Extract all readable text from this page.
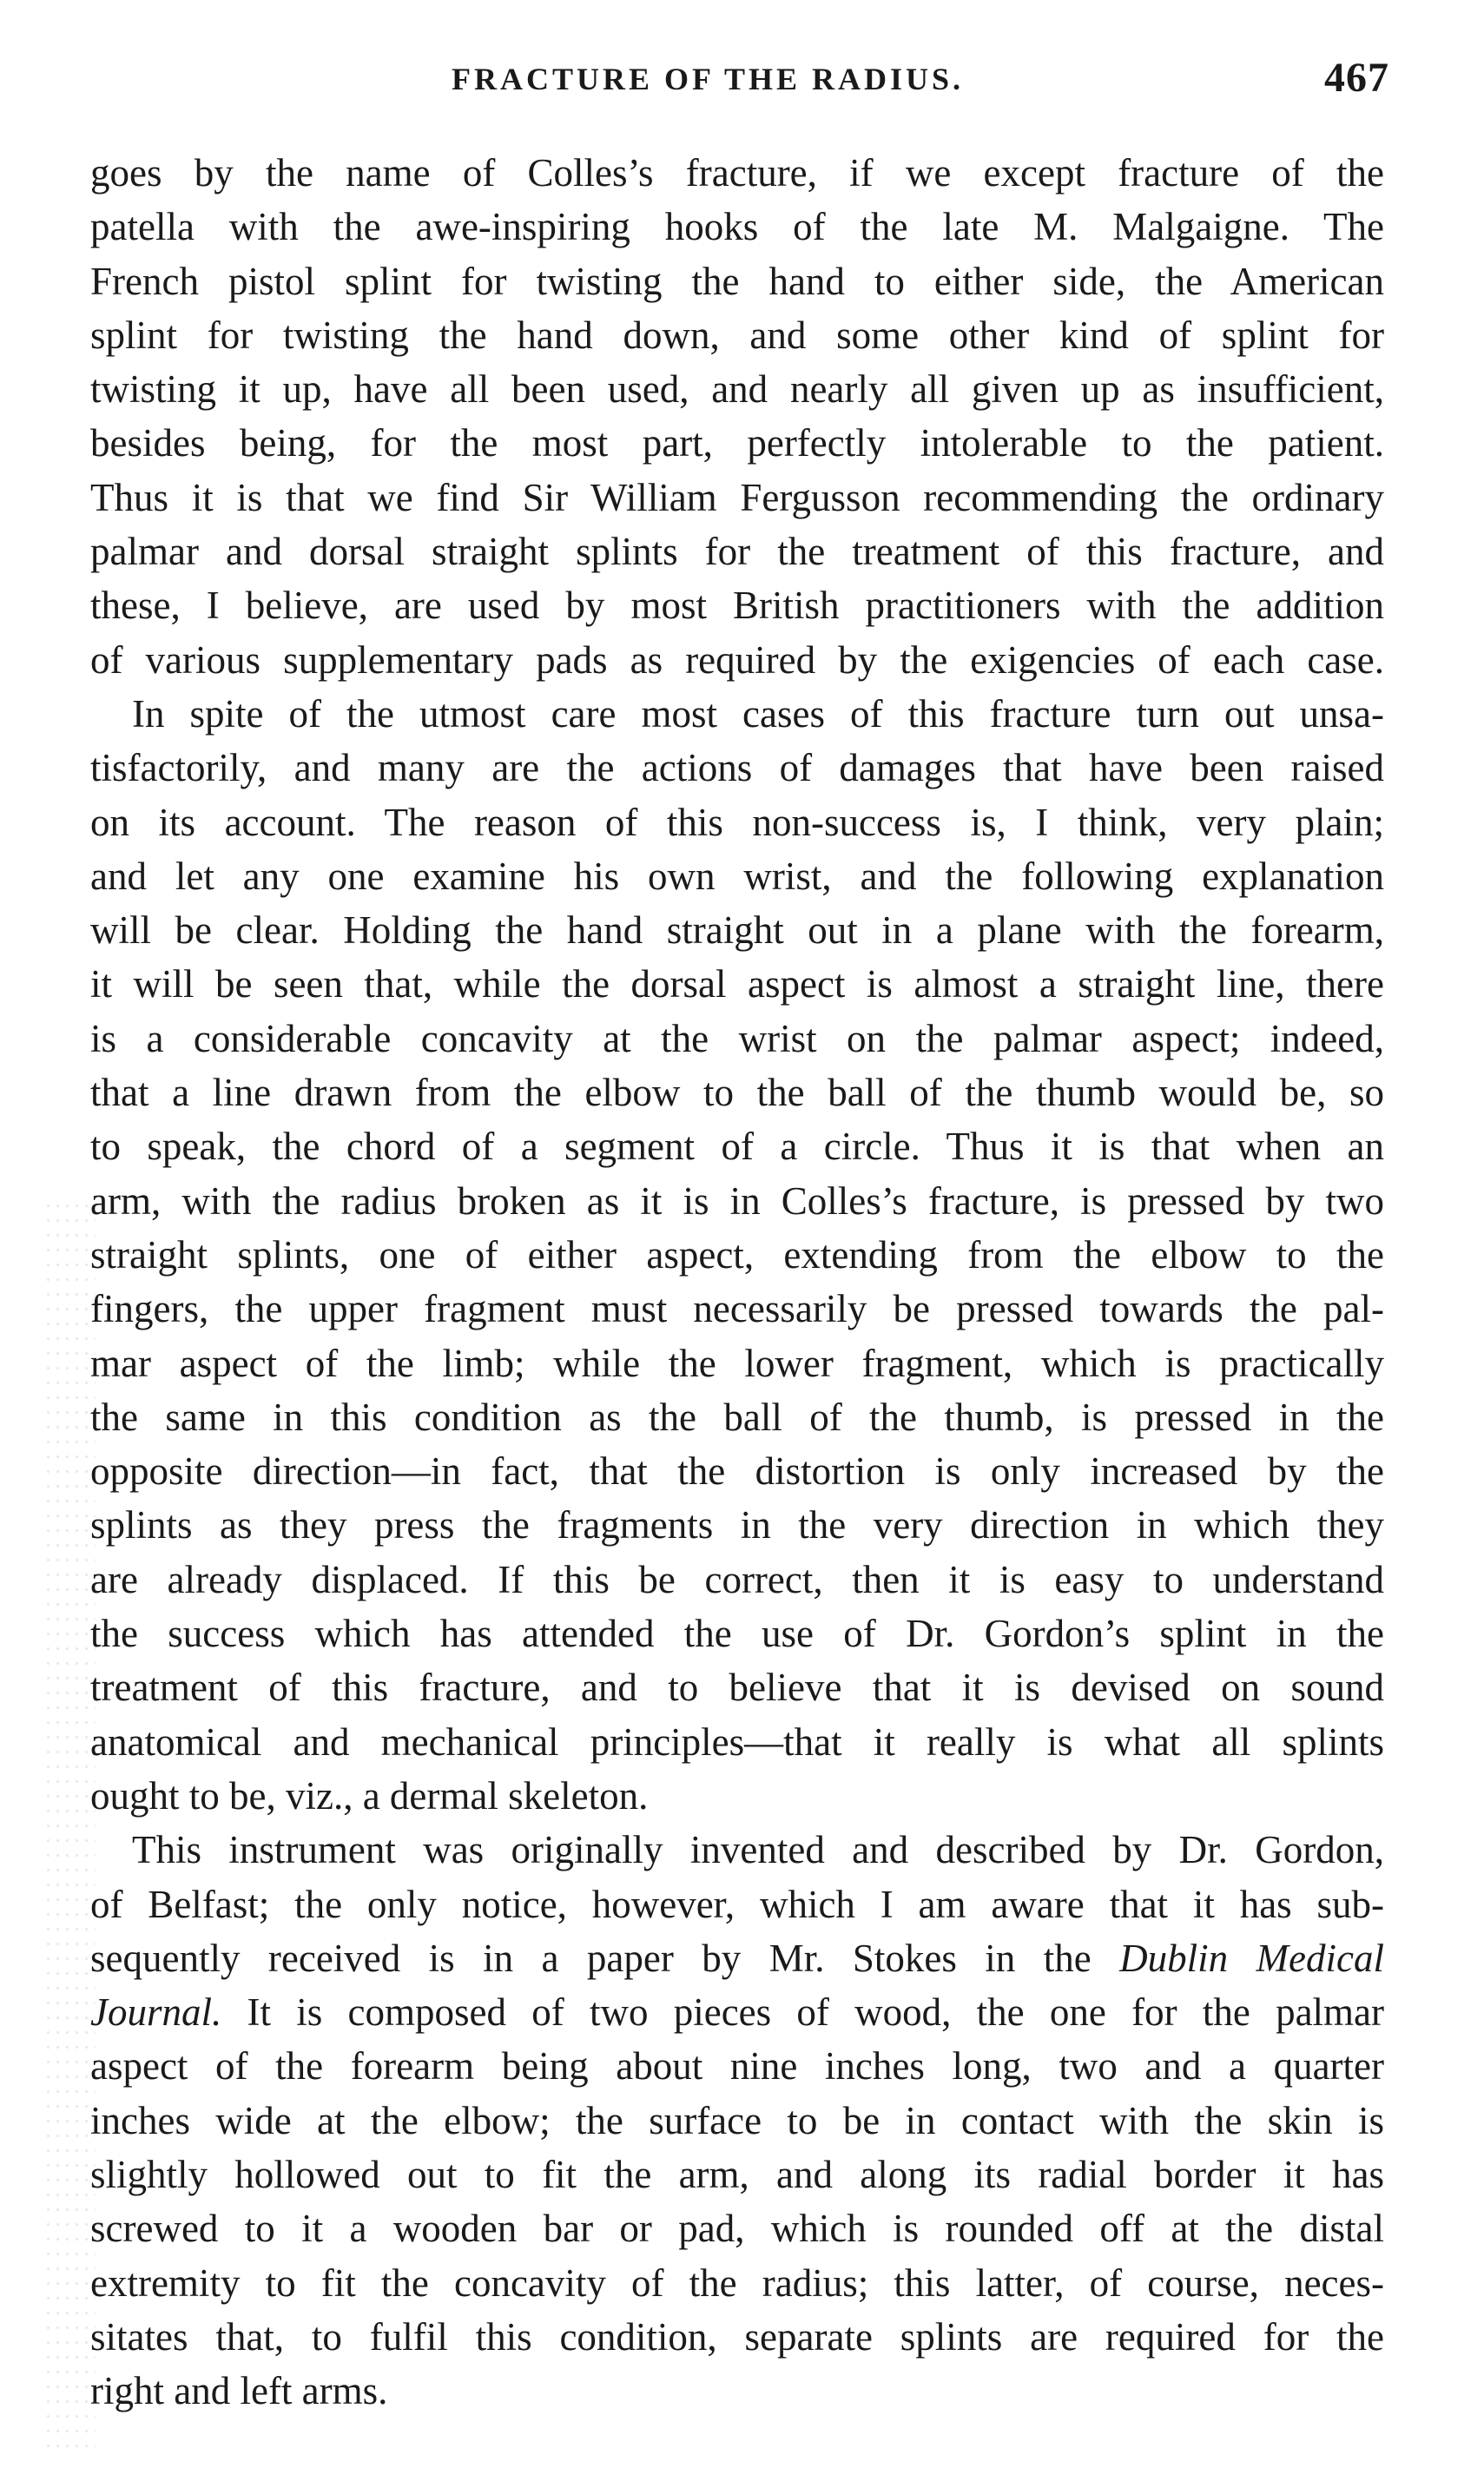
FRACTURE OF THE RADIUS.	467
goes by the name of Colles’s fracture, if we except fracture of the
patella with the awe-inspiring hooks of the late M. Malgaigne. The
French pistol splint for twisting the hand to either side, the American
splint for twisting the hand down, and some other kind of splint for
twisting it up, have all been used, and nearly all given up as insufficient,
besides being, for the most part, perfectly intolerable to the patient.
Thus it is that we find Sir William Fergusson recommending the ordinary
palmar and dorsal straight splints for the treatment of this fracture, and
these, I believe, are used by most British practitioners with the addition
of various supplementary pads as required by the exigencies of each case.
In spite of the utmost care most cases of this fracture turn out unsa-
tisfactorily, and many are the actions of damages that have been raised
on its account. The reason of this non-success is, I think, very plain;
and let any one examine his own wrist, and the following explanation
will be clear. Holding the hand straight out in a plane with the forearm,
it will be seen that, while the dorsal aspect is almost a straight line, there
is a considerable concavity at the wrist on the palmar aspect; indeed,
that a line drawn from the elbow to the ball of the thumb would be, so
to speak, the chord of a segment of a circle. Thus it is that when an
arm, with the radius broken as it is in Colles’s fracture, is pressed by two
straight splints, one of either aspect, extending from the elbow to the
fingers, the upper fragment must necessarily be pressed towards the pal-
mar aspect of the limb; while the lower fragment, which is practically
the same in this condition as the ball of the thumb, is pressed in the
opposite direction—in fact, that the distortion is only increased by the
splints as they press the fragments in the very direction in which they
are already displaced. If this be correct, then it is easy to understand
the success which has attended the use of Dr. Gordon’s splint in the
treatment of this fracture, and to believe that it is devised on sound
anatomical and mechanical principles—that it really is what all splints
ought to be, viz., a dermal skeleton.
This instrument was originally invented and described by Dr. Gordon,
of Belfast; the only notice, however, which I am aware that it has sub-
sequently received is in a paper by Mr. Stokes in the Dublin Medical
Journal. It is composed of two pieces of wood, the one for the palmar
aspect of the forearm being about nine inches long, two and a quarter
inches wide at the elbow; the surface to be in contact with the skin is
slightly hollowed out to fit the arm, and along its radial border it has
screwed to it a wooden bar or pad, which is rounded off at the distal
extremity to fit the concavity of the radius; this latter, of course, neces-
sitates that, to fulfil this condition, separate splints are required for the
right and left arms.
